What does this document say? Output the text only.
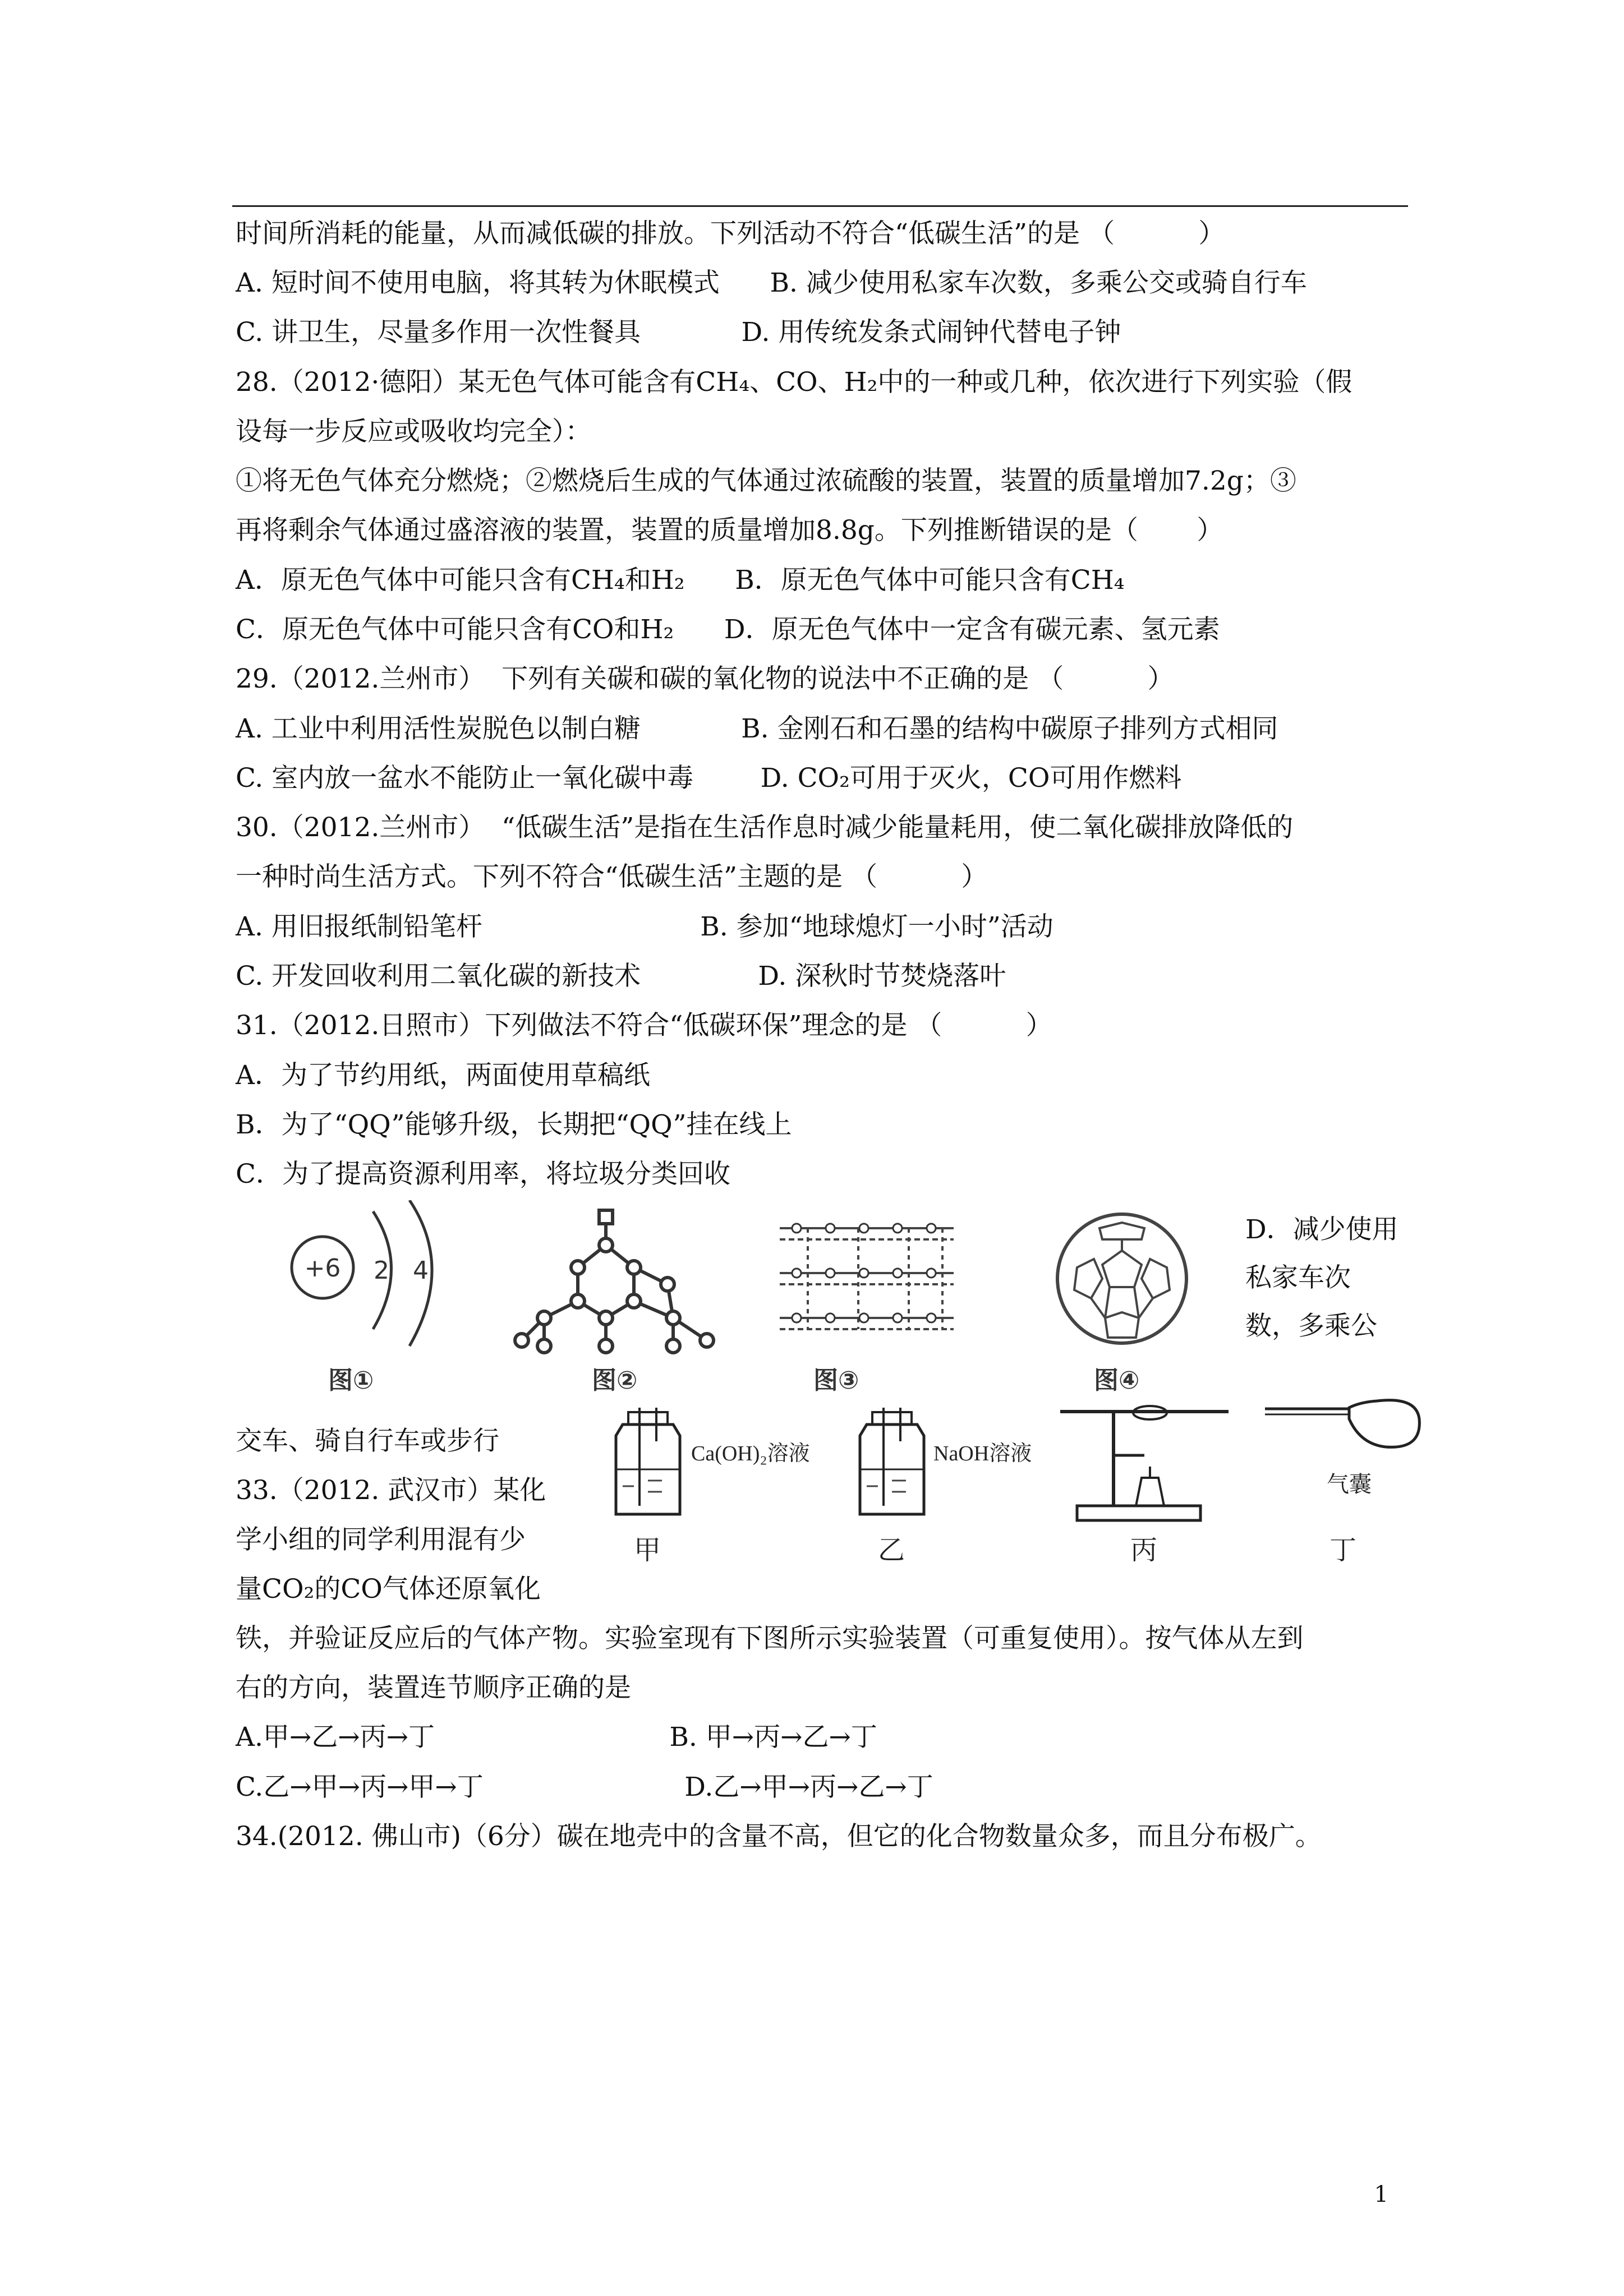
时间所消耗的能量，从而减低碳的排放。下列活动不符合“低碳生活”的是 （          ）
A. 短时间不使用电脑，将其转为休眠模式      B. 减少使用私家车次数，多乘公交或骑自行车
C. 讲卫生，尽量多作用一次性餐具            D. 用传统发条式闹钟代替电子钟
28.（2012·德阳）某无色气体可能含有CH₄、CO、H₂中的一种或几种，依次进行下列实验（假
设每一步反应或吸收均完全）：
①将无色气体充分燃烧；②燃烧后生成的气体通过浓硫酸的装置，装置的质量增加7.2g；③
再将剩余气体通过盛溶液的装置，装置的质量增加8.8g。下列推断错误的是（       ）
A．原无色气体中可能只含有CH₄和H₂      B．原无色气体中可能只含有CH₄
C．原无色气体中可能只含有CO和H₂      D．原无色气体中一定含有碳元素、氢元素
29.（2012.兰州市）  下列有关碳和碳的氧化物的说法中不正确的是 （          ）
A. 工业中利用活性炭脱色以制白糖            B. 金刚石和石墨的结构中碳原子排列方式相同
C. 室内放一盆水不能防止一氧化碳中毒        D. CO₂可用于灭火，CO可用作燃料
30.（2012.兰州市）  “低碳生活”是指在生活作息时减少能量耗用，使二氧化碳排放降低的
一种时尚生活方式。下列不符合“低碳生活”主题的是 （          ）
A. 用旧报纸制铅笔杆                          B. 参加“地球熄灯一小时”活动
C. 开发回收利用二氧化碳的新技术              D. 深秋时节焚烧落叶
31.（2012.日照市）下列做法不符合“低碳环保”理念的是 （          ）
A．为了节约用纸，两面使用草稿纸
B．为了“QQ”能够升级，长期把“QQ”挂在线上
C．为了提高资源利用率，将垃圾分类回收
+6 2 4
图①	图②	图③	图④
D．减少使用
私家车次
数，多乘公
交车、骑自行车或步行
33.（2012. 武汉市）某化
学小组的同学利用混有少
量CO₂的CO气体还原氧化
Ca(OH)₂溶液
甲
NaOH溶液
乙	丙
气囊
丁
铁，并验证反应后的气体产物。实验室现有下图所示实验装置（可重复使用）。按气体从左到
右的方向，装置连节顺序正确的是
A.甲→乙→丙→丁                            B. 甲→丙→乙→丁
C.乙→甲→丙→甲→丁                        D.乙→甲→丙→乙→丁
34.(2012. 佛山市)（6分）碳在地壳中的含量不高，但它的化合物数量众多，而且分布极广。
1
